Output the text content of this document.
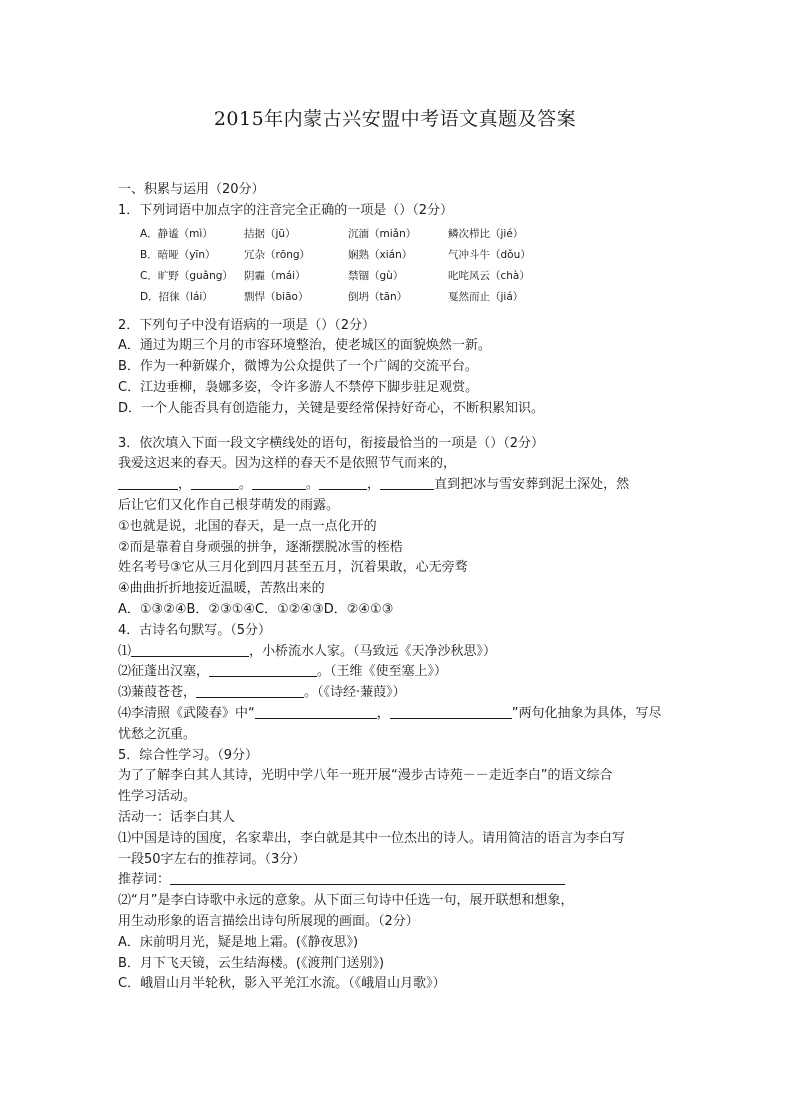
2015年内蒙古兴安盟中考语文真题及答案
一、积累与运用（20分）
1．下列词语中加点字的注音完全正确的一项是（）（2分）
A．静谧（mì）	拮据（jū）	沉湎（miǎn）	鳞次栉比（jié）
B．暗哑（yīn）	冗杂（rōng）	娴熟（xián）	气冲斗牛（dǒu）
C．旷野（guǎng）	阴霾（mái）	禁锢（gù）	叱咤风云（chà）
D．招徕（lái）	剽悍（biāo）	倒坍（tān）	戛然而止（jiá）
2．下列句子中没有语病的一项是（）（2分）
A．通过为期三个月的市容环境整治，使老城区的面貌焕然一新。
B．作为一种新媒介，微博为公众提供了一个广阔的交流平台。
C．江边垂柳，袅娜多姿，令许多游人不禁停下脚步驻足观赏。
D．一个人能否具有创造能力，关键是要经常保持好奇心，不断积累知识。
3．依次填入下面一段文字横线处的语句，衔接最恰当的一项是（）（2分）
我爱这迟来的春天。因为这样的春天不是依照节气而来的，
，	。	。	，	直到把冰与雪安葬到泥土深处，然
后让它们又化作自己根芽萌发的雨露。
①也就是说，北国的春天，是一点一点化开的
②而是靠着自身顽强的拼争，逐渐摆脱冰雪的桎梏
姓名考号③它从三月化到四月甚至五月，沉着果敢，心无旁骛
④曲曲折折地接近温暖，苦熬出来的
A．①③②④B．②③①④C．①②④③D．②④①③
4．古诗名句默写。（5分）
⑴	，小桥流水人家。（马致远《天净沙秋思》）
⑵征蓬出汉塞，	。（王维《使至塞上》）
⑶蒹葭苍苍，	。（《诗经·蒹葭》）
⑷李清照《武陵春》中“	，	”两句化抽象为具体，写尽
忧愁之沉重。
5．综合性学习。（9分）
为了了解李白其人其诗，光明中学八年一班开展“漫步古诗苑－－走近李白”的语文综合
性学习活动。
活动一：话李白其人
⑴中国是诗的国度，名家辈出，李白就是其中一位杰出的诗人。请用简洁的语言为李白写
一段50字左右的推荐词。（3分）
推荐词：
⑵“月”是李白诗歌中永远的意象。从下面三句诗中任选一句，展开联想和想象，
用生动形象的语言描绘出诗句所展现的画面。（2分）
A．床前明月光，疑是地上霜。(《静夜思》)
B．月下飞天镜，云生结海楼。(《渡荆门送别》)
C．峨眉山月半轮秋，影入平羌江水流。（《峨眉山月歌》）
